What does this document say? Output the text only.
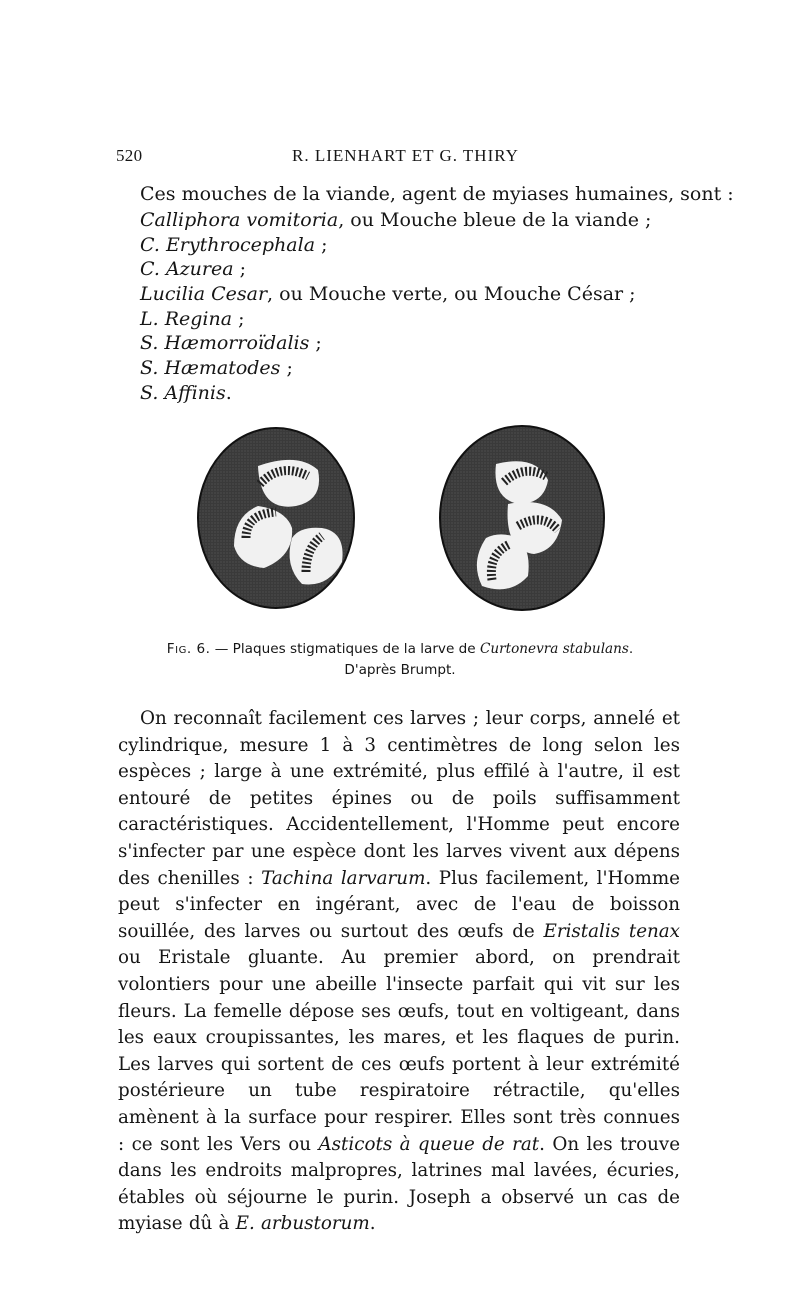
520	R. LIENHART ET G. THIRY
Ces mouches de la viande, agent de myiases humaines, sont :
Calliphora vomitoria, ou Mouche bleue de la viande ;
C. Erythrocephala ;
C. Azurea ;
Lucilia Cesar, ou Mouche verte, ou Mouche César ;
L. Regina ;
S. Hæmorroïdalis ;
S. Hæmatodes ;
S. Affinis.
Fig. 6. — Plaques stigmatiques de la larve de Curtonevra stabulans.
D'après Brumpt.

On reconnaît facilement ces larves ; leur corps, annelé et cylindrique, mesure 1 à 3 centimètres de long selon les espèces ; large à une extrémité, plus effilé à l'autre, il est entouré de petites épines ou de poils suffisamment caractéristiques. Accidentellement, l'Homme peut encore s'infecter par une espèce dont les larves vivent aux dépens des chenilles : Tachina larvarum. Plus facilement, l'Homme peut s'infecter en ingérant, avec de l'eau de boisson souillée, des larves ou surtout des œufs de Eristalis tenax ou Eristale gluante. Au premier abord, on prendrait volontiers pour une abeille l'insecte parfait qui vit sur les fleurs. La femelle dépose ses œufs, tout en voltigeant, dans les eaux croupissantes, les mares, et les flaques de purin. Les larves qui sortent de ces œufs portent à leur extrémité postérieure un tube respiratoire rétractile, qu'elles amènent à la surface pour respirer. Elles sont très connues : ce sont les Vers ou Asticots à queue de rat. On les trouve dans les endroits malpropres, latrines mal lavées, écuries, étables où séjourne le purin. Joseph a observé un cas de myiase dû à E. arbustorum.
